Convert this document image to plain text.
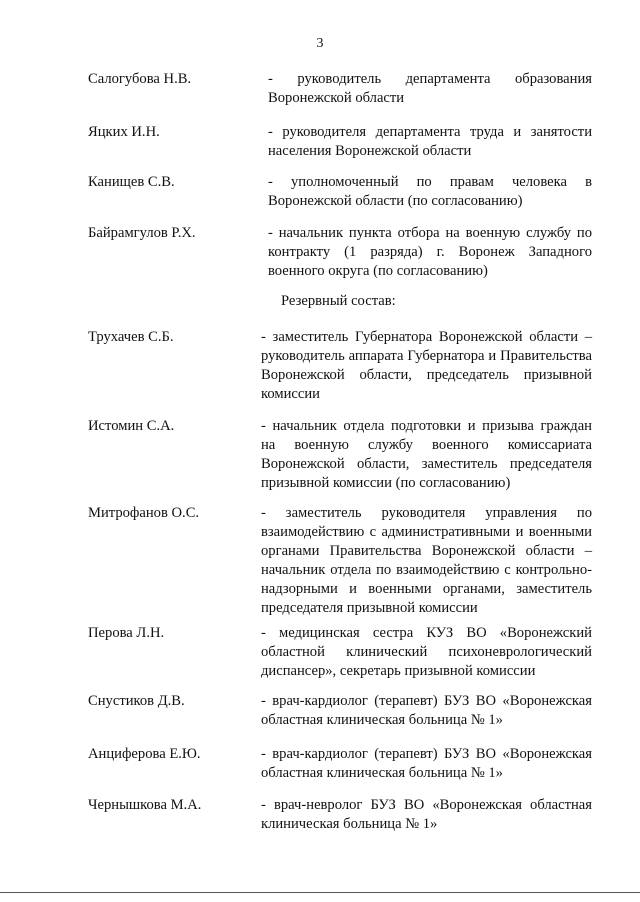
3
Салогубова Н.В.	- руководитель департамента образования Воронежской области
Яцких И.Н.	- руководителя департамента труда и занятости населения Воронежской области
Канищев С.В.	- уполномоченный по правам человека в Воронежской области (по согласованию)
Байрамгулов Р.Х.	- начальник пункта отбора на военную службу по контракту (1 разряда) г. Воронеж Западного военного округа (по согласованию)
Резервный состав:
Трухачев С.Б.	- заместитель Губернатора Воронежской области – руководитель аппарата Губернатора и Правительства Воронежской области, председатель призывной комиссии
Истомин С.А.	- начальник отдела подготовки и призыва граждан на военную службу военного комиссариата Воронежской области, заместитель председателя призывной комиссии (по согласованию)
Митрофанов О.С.	- заместитель руководителя управления по взаимодействию с административными и военными органами Правительства Воронежской области – начальник отдела по взаимодействию с контрольно-надзорными и военными органами, заместитель председателя призывной комиссии
Перова Л.Н.	- медицинская сестра КУЗ ВО «Воронежский областной клинический психоневрологический диспансер», секретарь призывной комиссии
Снустиков Д.В.	- врач-кардиолог (терапевт) БУЗ ВО «Воронежская областная клиническая больница № 1»
Анциферова Е.Ю.	- врач-кардиолог (терапевт) БУЗ ВО «Воронежская областная клиническая больница № 1»
Чернышкова М.А.	- врач-невролог БУЗ ВО «Воронежская областная клиническая больница № 1»
